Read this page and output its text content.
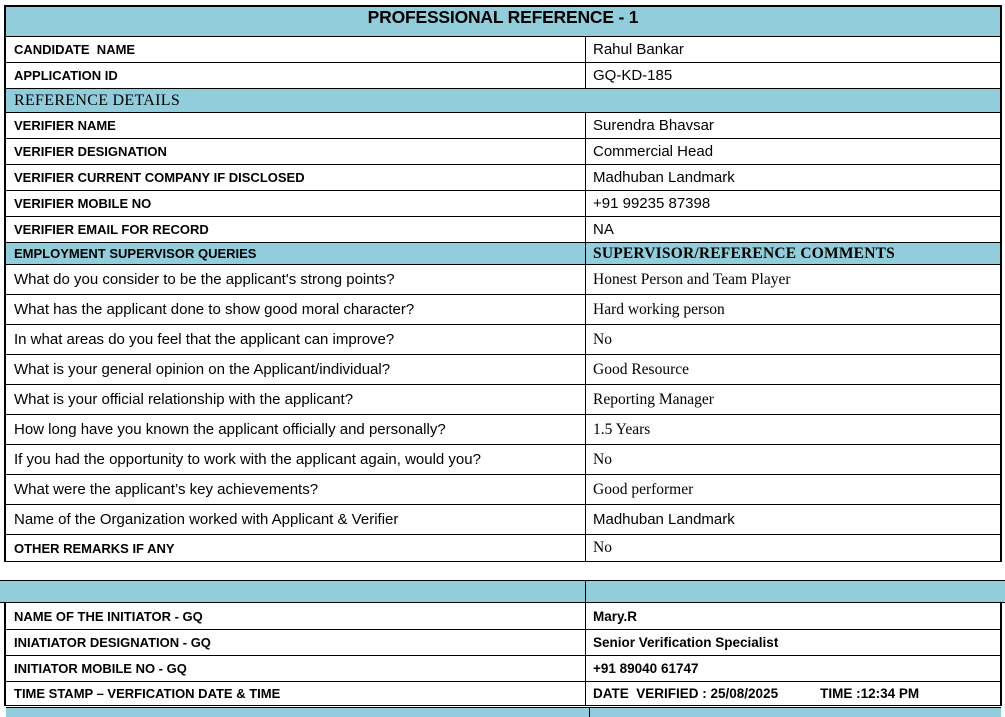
PROFESSIONAL REFERENCE - 1
CANDIDATE  NAME	Rahul Bankar
APPLICATION ID	GQ-KD-185
REFERENCE DETAILS
VERIFIER NAME	Surendra Bhavsar
VERIFIER DESIGNATION	Commercial Head
VERIFIER CURRENT COMPANY IF DISCLOSED	Madhuban Landmark
VERIFIER MOBILE NO	+91 99235 87398
VERIFIER EMAIL FOR RECORD	NA
EMPLOYMENT SUPERVISOR QUERIES	SUPERVISOR/REFERENCE COMMENTS
What do you consider to be the applicant's strong points?	Honest Person and Team Player
What has the applicant done to show good moral character?	Hard working person
In what areas do you feel that the applicant can improve?	No
What is your general opinion on the Applicant/individual?	Good Resource
What is your official relationship with the applicant?	Reporting Manager
How long have you known the applicant officially and personally?	1.5 Years
If you had the opportunity to work with the applicant again, would you?	No
What were the applicant’s key achievements?	Good performer
Name of the Organization worked with Applicant & Verifier	Madhuban Landmark
OTHER REMARKS IF ANY	No
NAME OF THE INITIATOR - GQ	Mary.R
INIATIATOR DESIGNATION - GQ	Senior Verification Specialist
INITIATOR MOBILE NO - GQ	+91 89040 61747
TIME STAMP – VERFICATION DATE & TIME	DATE  VERIFIED : 25/08/2025	TIME :12:34 PM
